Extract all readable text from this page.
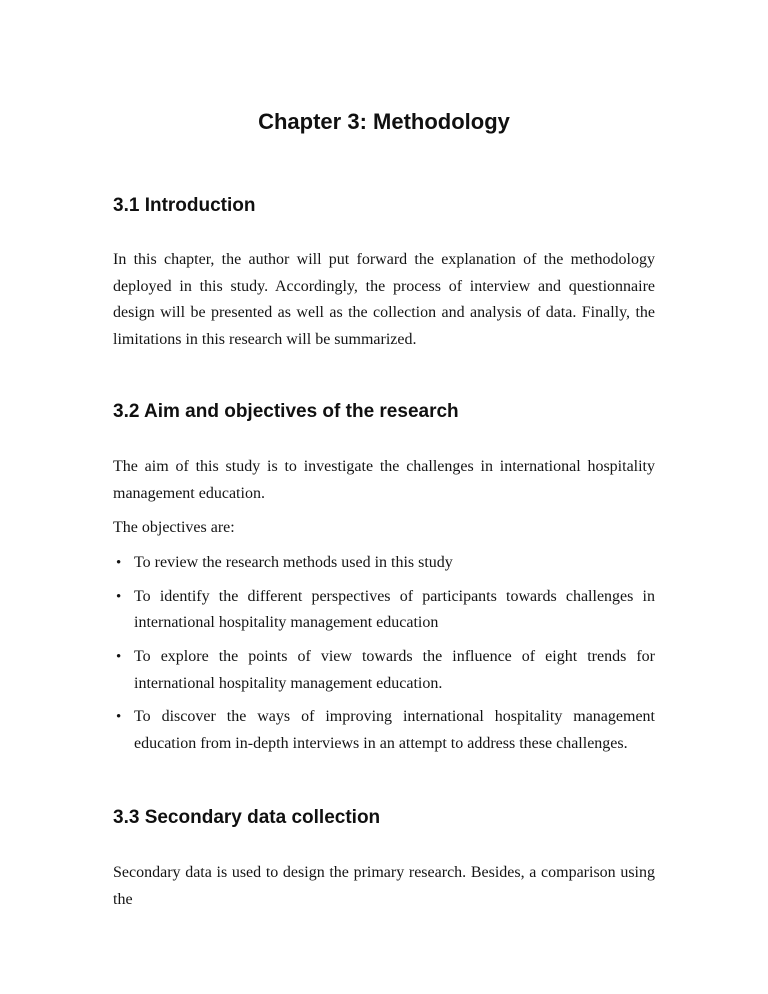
Chapter 3: Methodology
3.1 Introduction

In this chapter, the author will put forward the explanation of the methodology deployed in this study. Accordingly, the process of interview and questionnaire design will be presented as well as the collection and analysis of data. Finally, the limitations in this research will be summarized.

3.2 Aim and objectives of the research

The aim of this study is to investigate the challenges in international hospitality management education.

The objectives are:

• To review the research methods used in this study
• To identify the different perspectives of participants towards challenges in international hospitality management education
• To explore the points of view towards the influence of eight trends for international hospitality management education.
• To discover the ways of improving international hospitality management education from in-depth interviews in an attempt to address these challenges.
3.3 Secondary data collection

Secondary data is used to design the primary research. Besides, a comparison using the
